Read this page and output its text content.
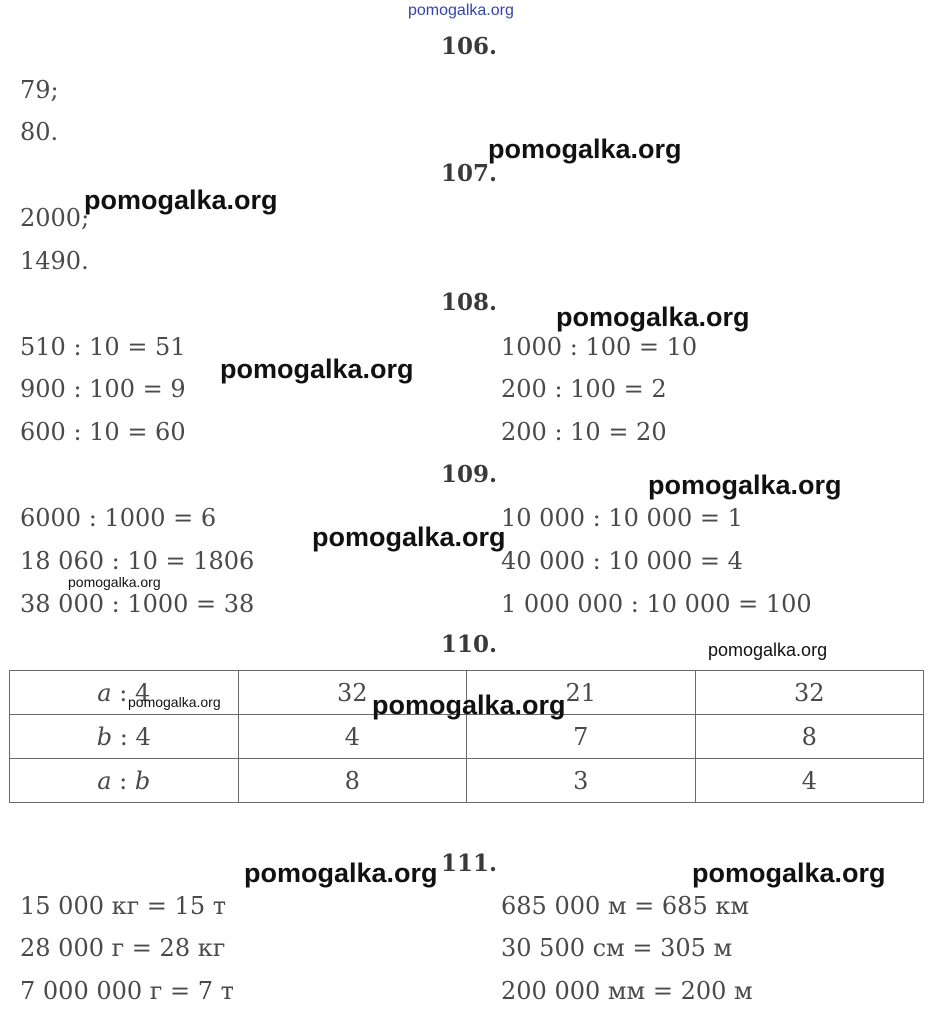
pomogalka.org
106.
79;
80.
pomogalka.org
107.
2000;
pomogalka.org
1490.
108. pomogalka.org
510 : 10 = 51
900 : 100 = 9
600 : 10 = 60
pomogalka.org
1000 : 100 = 10
200 : 100 = 2
200 : 10 = 20
109.	pomogalka.org
6000 : 1000 = 6
18 060 : 10 = 1806
38 000 : 1000 = 38
pomogalka.org
pomogalka.org
10 000 : 10 000 = 1
40 000 : 10 000 = 4
1 000 000 : 10 000 = 100
110.	pomogalka.org
a : 4	32	21	32
b : 4	4	7	8
a : b	8	3	4
pomogalka.org	pomogalka.org
111.
pomogalka.org	pomogalka.org
15 000 кг = 15 т
28 000 г = 28 кг
7 000 000 г = 7 т
685 000 м = 685 км
30 500 см = 305 м
200 000 мм = 200 м
